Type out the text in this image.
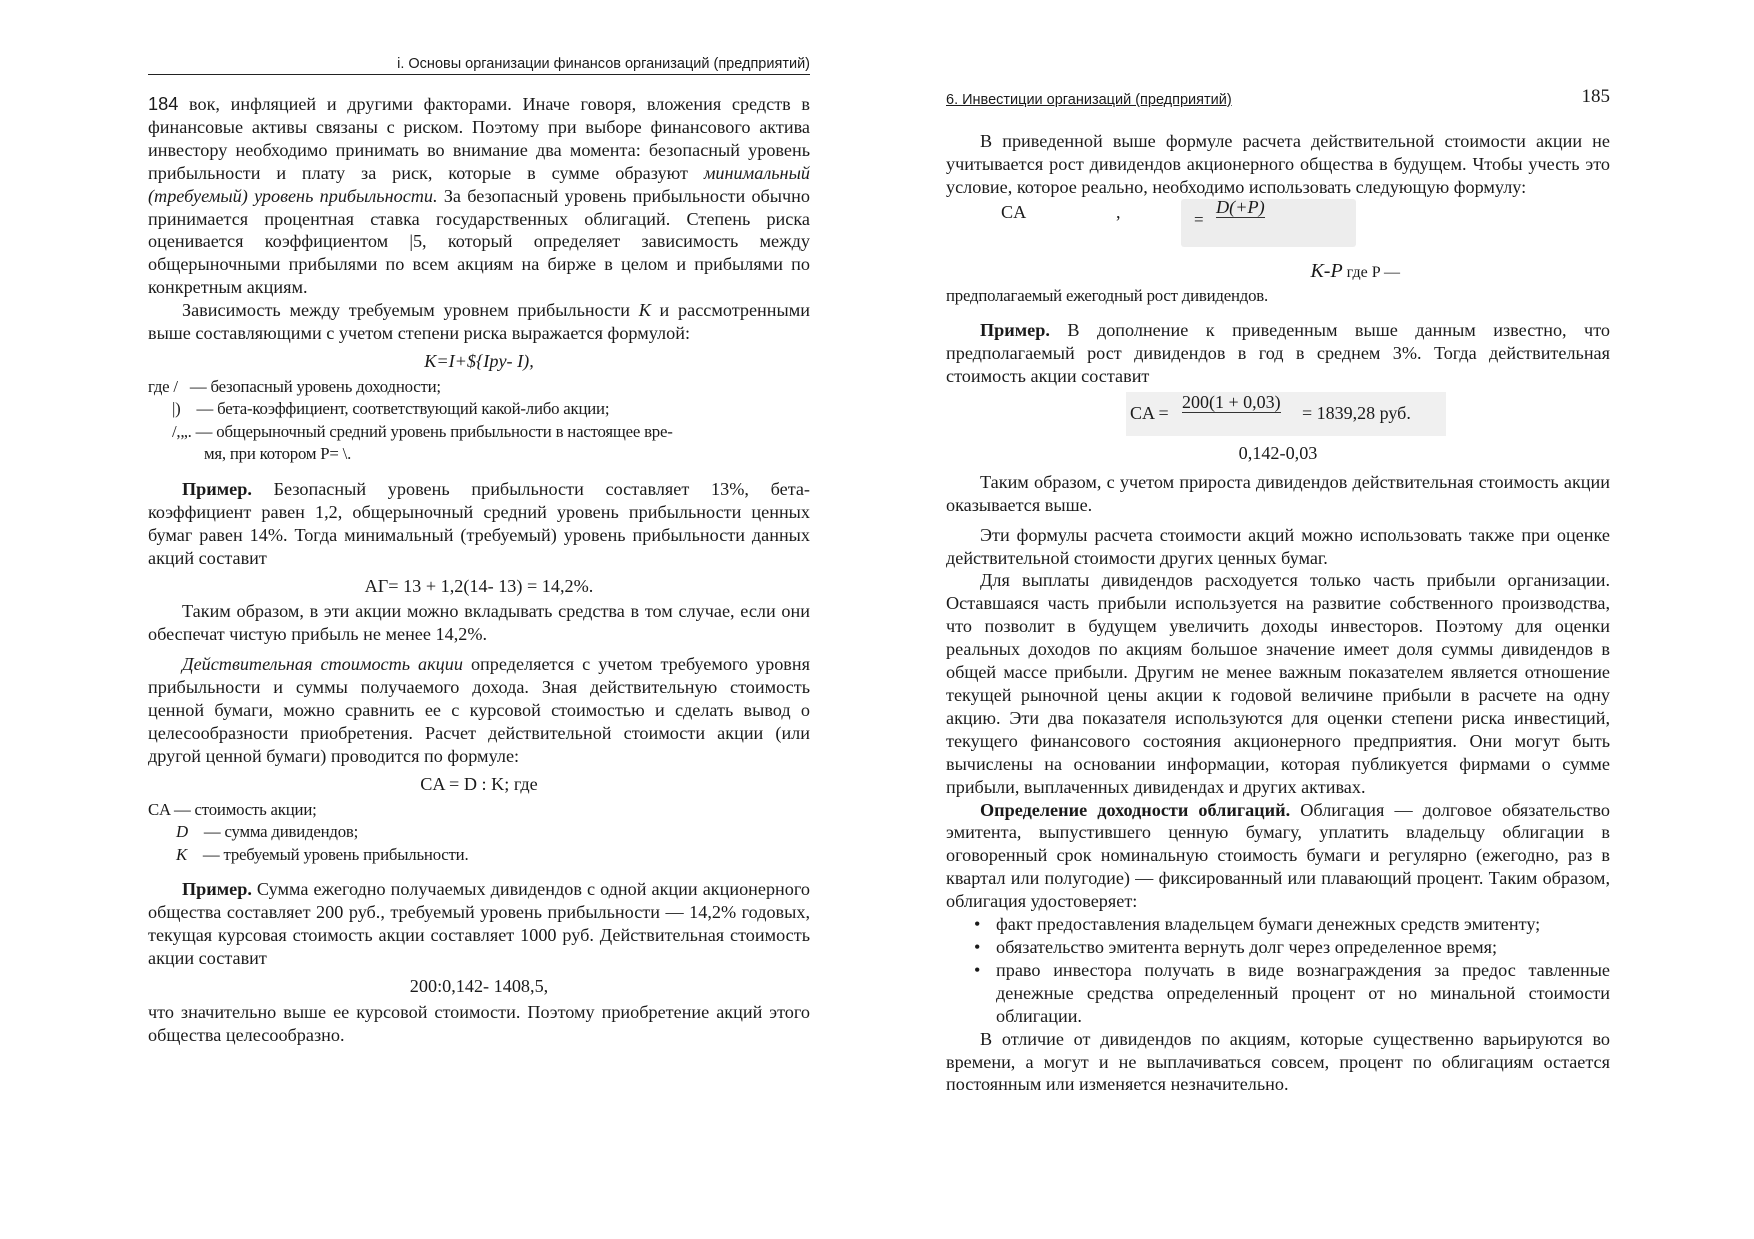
i. Основы организации финансов организаций (предприятий)

184 вок, инфляцией и другими факторами. Иначе говоря, вложения средств в финансовые активы связаны с риском. Поэтому при выборе финансового актива инвестору необходимо принимать во внимание два момента: безопасный уровень прибыльности и плату за риск, которые в сумме образуют минимальный (требуемый) уровень прибыльности. За безопасный уровень прибыльности обычно принимается процентная ставка государственных облигаций. Степень риска оценивается коэффициентом |5, который определяет зависимость между общерыночными прибылями по всем акциям на бирже в целом и прибылями по конкретным акциям.

Зависимость между требуемым уровнем прибыльности К и рассмотренными выше составляющими с учетом степени риска выражается формулой:

K=I+${Ipy- I),

где / — безопасный уровень доходности;
|) — бета-коэффициент, соответствующий какой-либо акции;
/,„. — общерыночный средний уровень прибыльности в настоящее вре-

мя, при котором P= \.

Пример. Безопасный уровень прибыльности составляет 13%, бета-коэффициент равен 1,2, общерыночный средний уровень прибыльности ценных бумаг равен 14%. Тогда минимальный (требуемый) уровень прибыльности данных акций составит

АГ= 13 + 1,2(14- 13) = 14,2%.

Таким образом, в эти акции можно вкладывать средства в том случае, если они обеспечат чистую прибыль не менее 14,2%.

Действительная стоимость акции определяется с учетом требуемого уровня прибыльности и суммы получаемого дохода. Зная действительную стоимость ценной бумаги, можно сравнить ее с курсовой стоимостью и сделать вывод о целесообразности приобретения. Расчет действительной стоимости акции (или другой ценной бумаги) проводится по формуле:

CA = D : K; где

CA — стоимость акции;
D — сумма дивидендов;
К — требуемый уровень прибыльности.

Пример. Сумма ежегодно получаемых дивидендов с одной акции акционерного общества составляет 200 руб., требуемый уровень прибыльности — 14,2% годовых, текущая курсовая стоимость акции составляет 1000 руб. Действительная стоимость акции составит

200:0,142- 1408,5,

что значительно выше ее курсовой стоимости. Поэтому приобретение акций этого общества целесообразно.

6. Инвестиции организаций (предприятий)	185

В приведенной выше формуле расчета действительной стоимости акции не учитывается рост дивидендов акционерного общества в будущем. Чтобы учесть это условие, которое реально, необходимо использовать следующую формулу:

CA	,	=
D(+P)
K-P где P —
предполагаемый ежегодный рост дивидендов.

Пример. В дополнение к приведенным выше данным известно, что предполагаемый рост дивидендов в год в среднем 3%. Тогда действительная стоимость акции составит

CA =
200(1 + 0,03)
= 1839,28 руб.

0,142-0,03

Таким образом, с учетом прироста дивидендов действительная стоимость акции оказывается выше.

Эти формулы расчета стоимости акций можно использовать также при оценке действительной стоимости других ценных бумаг.

Для выплаты дивидендов расходуется только часть прибыли организации. Оставшаяся часть прибыли используется на развитие собственного производства, что позволит в будущем увеличить доходы инвесторов. Поэтому для оценки реальных доходов по акциям большое значение имеет доля суммы дивидендов в общей массе прибыли. Другим не менее важным показателем является отношение текущей рыночной цены акции к годовой величине прибыли в расчете на одну акцию. Эти два показателя используются для оценки степени риска инвестиций, текущего финансового состояния акционерного предприятия. Они могут быть вычислены на основании информации, которая публикуется фирмами о сумме прибыли, выплаченных дивидендах и других активах.

Определение доходности облигаций. Облигация — долговое обязательство эмитента, выпустившего ценную бумагу, уплатить владельцу облигации в оговоренный срок номинальную стоимость бумаги и регулярно (ежегодно, раз в квартал или полугодие) — фиксированный или плавающий процент. Таким образом, облигация удостоверяет:

• факт предоставления владельцем бумаги денежных средств эмитенту;
• обязательство эмитента вернуть долг через определенное время;
• право инвестора получать в виде вознаграждения за предос тавленные денежные средства определенный процент от но минальной стоимости облигации.

В отличие от дивидендов по акциям, которые существенно варьируются во времени, а могут и не выплачиваться совсем, процент по облигациям остается постоянным или изменяется незначительно.
